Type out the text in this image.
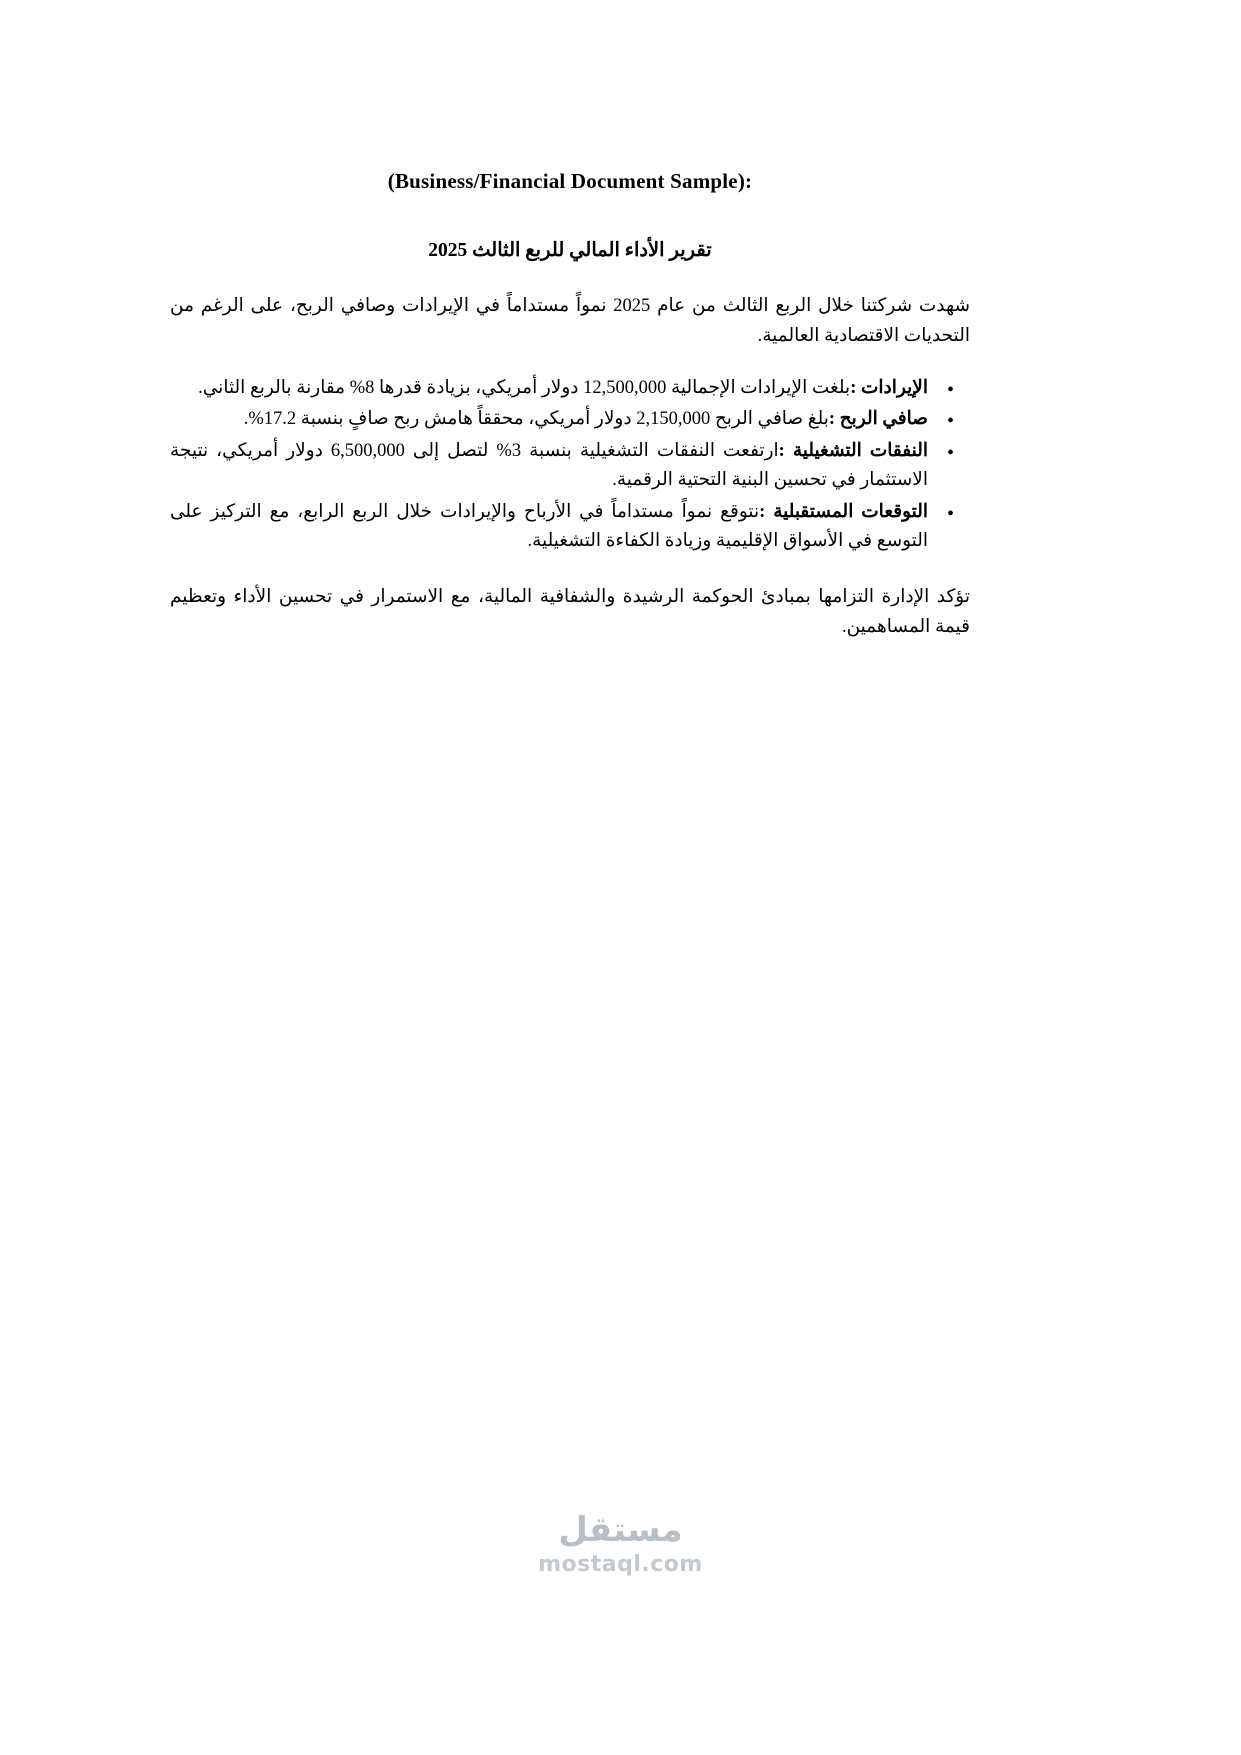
(Business/Financial Document Sample):
تقرير الأداء المالي للربع الثالث 2025

شهدت شركتنا خلال الربع الثالث من عام 2025 نمواً مستداماً في الإيرادات وصافي الربح، على الرغم من التحديات الاقتصادية العالمية.

•
الإيرادات :بلغت الإيرادات الإجمالية 12,500,000 دولار أمريكي، بزيادة قدرها 8% مقارنة بالربع الثاني.
•
صافي الربح :بلغ صافي الربح 2,150,000 دولار أمريكي، محققاً هامش ربح صافٍ بنسبة 17.2%.
•
النفقات التشغيلية :ارتفعت النفقات التشغيلية بنسبة 3% لتصل إلى 6,500,000 دولار أمريكي، نتيجة الاستثمار في تحسين البنية التحتية الرقمية.
•
التوقعات المستقبلية :نتوقع نمواً مستداماً في الأرباح والإيرادات خلال الربع الرابع، مع التركيز على التوسع في الأسواق الإقليمية وزيادة الكفاءة التشغيلية.

تؤكد الإدارة التزامها بمبادئ الحوكمة الرشيدة والشفافية المالية، مع الاستمرار في تحسين الأداء وتعظيم قيمة المساهمين.

مستقل
mostaql.com
